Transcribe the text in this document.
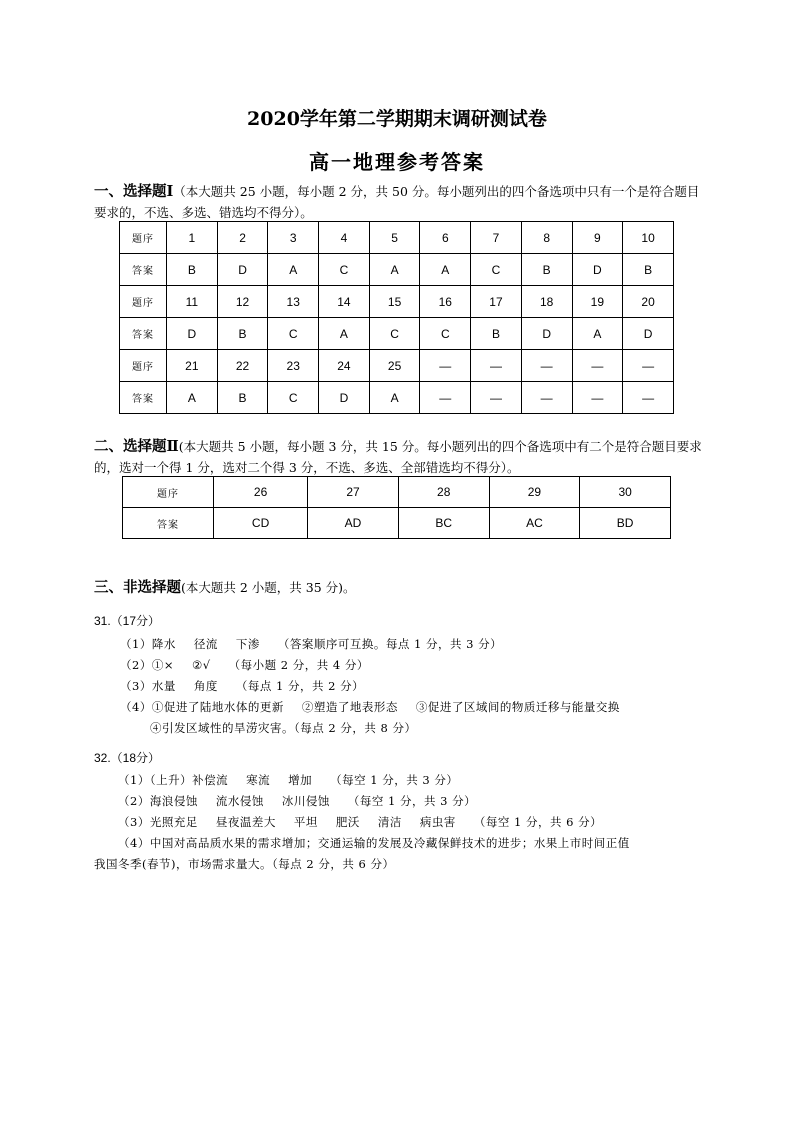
2020学年第二学期期末调研测试卷
高一地理参考答案
一、选择题Ⅰ（本大题共 25 小题，每小题 2 分，共 50 分。每小题列出的四个备选项中只有一个是符合题目要求的，不选、多选、错选均不得分）。
题序	1	2	3	4	5	6	7	8	9	10
答案	B	D	A	C	A	A	C	B	D	B
题序	11	12	13	14	15	16	17	18	19	20
答案	D	B	C	A	C	C	B	D	A	D
题序	21	22	23	24	25	—	—	—	—	—
答案	A	B	C	D	A	—	—	—	—	—
二、选择题Ⅱ(本大题共 5 小题，每小题 3 分，共 15 分。每小题列出的四个备选项中有二个是符合题目要求的，选对一个得 1 分，选对二个得 3 分，不选、多选、全部错选均不得分）。
题序	26	27	28	29	30
答案	CD	AD	BC	AC	BD
三、非选择题(本大题共 2 小题，共 35 分)。
31.（17分）
（1）降水 径流 下渗 （答案顺序可互换。每点 1 分，共 3 分）
（2）①× ②√ （每小题 2 分，共 4 分）
（3）水量 角度 （每点 1 分，共 2 分）
（4）①促进了陆地水体的更新 ②塑造了地表形态 ③促进了区域间的物质迁移与能量交换
④引发区域性的旱涝灾害。（每点 2 分，共 8 分）
32.（18分）
（1）（上升）补偿流 寒流 增加 （每空 1 分，共 3 分）
（2）海浪侵蚀 流水侵蚀 冰川侵蚀 （每空 1 分，共 3 分）
（3）光照充足 昼夜温差大 平坦 肥沃 清洁 病虫害 （每空 1 分，共 6 分）
（4）中国对高品质水果的需求增加；交通运输的发展及冷藏保鲜技术的进步；水果上市时间正值
我国冬季(春节)，市场需求量大。（每点 2 分，共 6 分）
